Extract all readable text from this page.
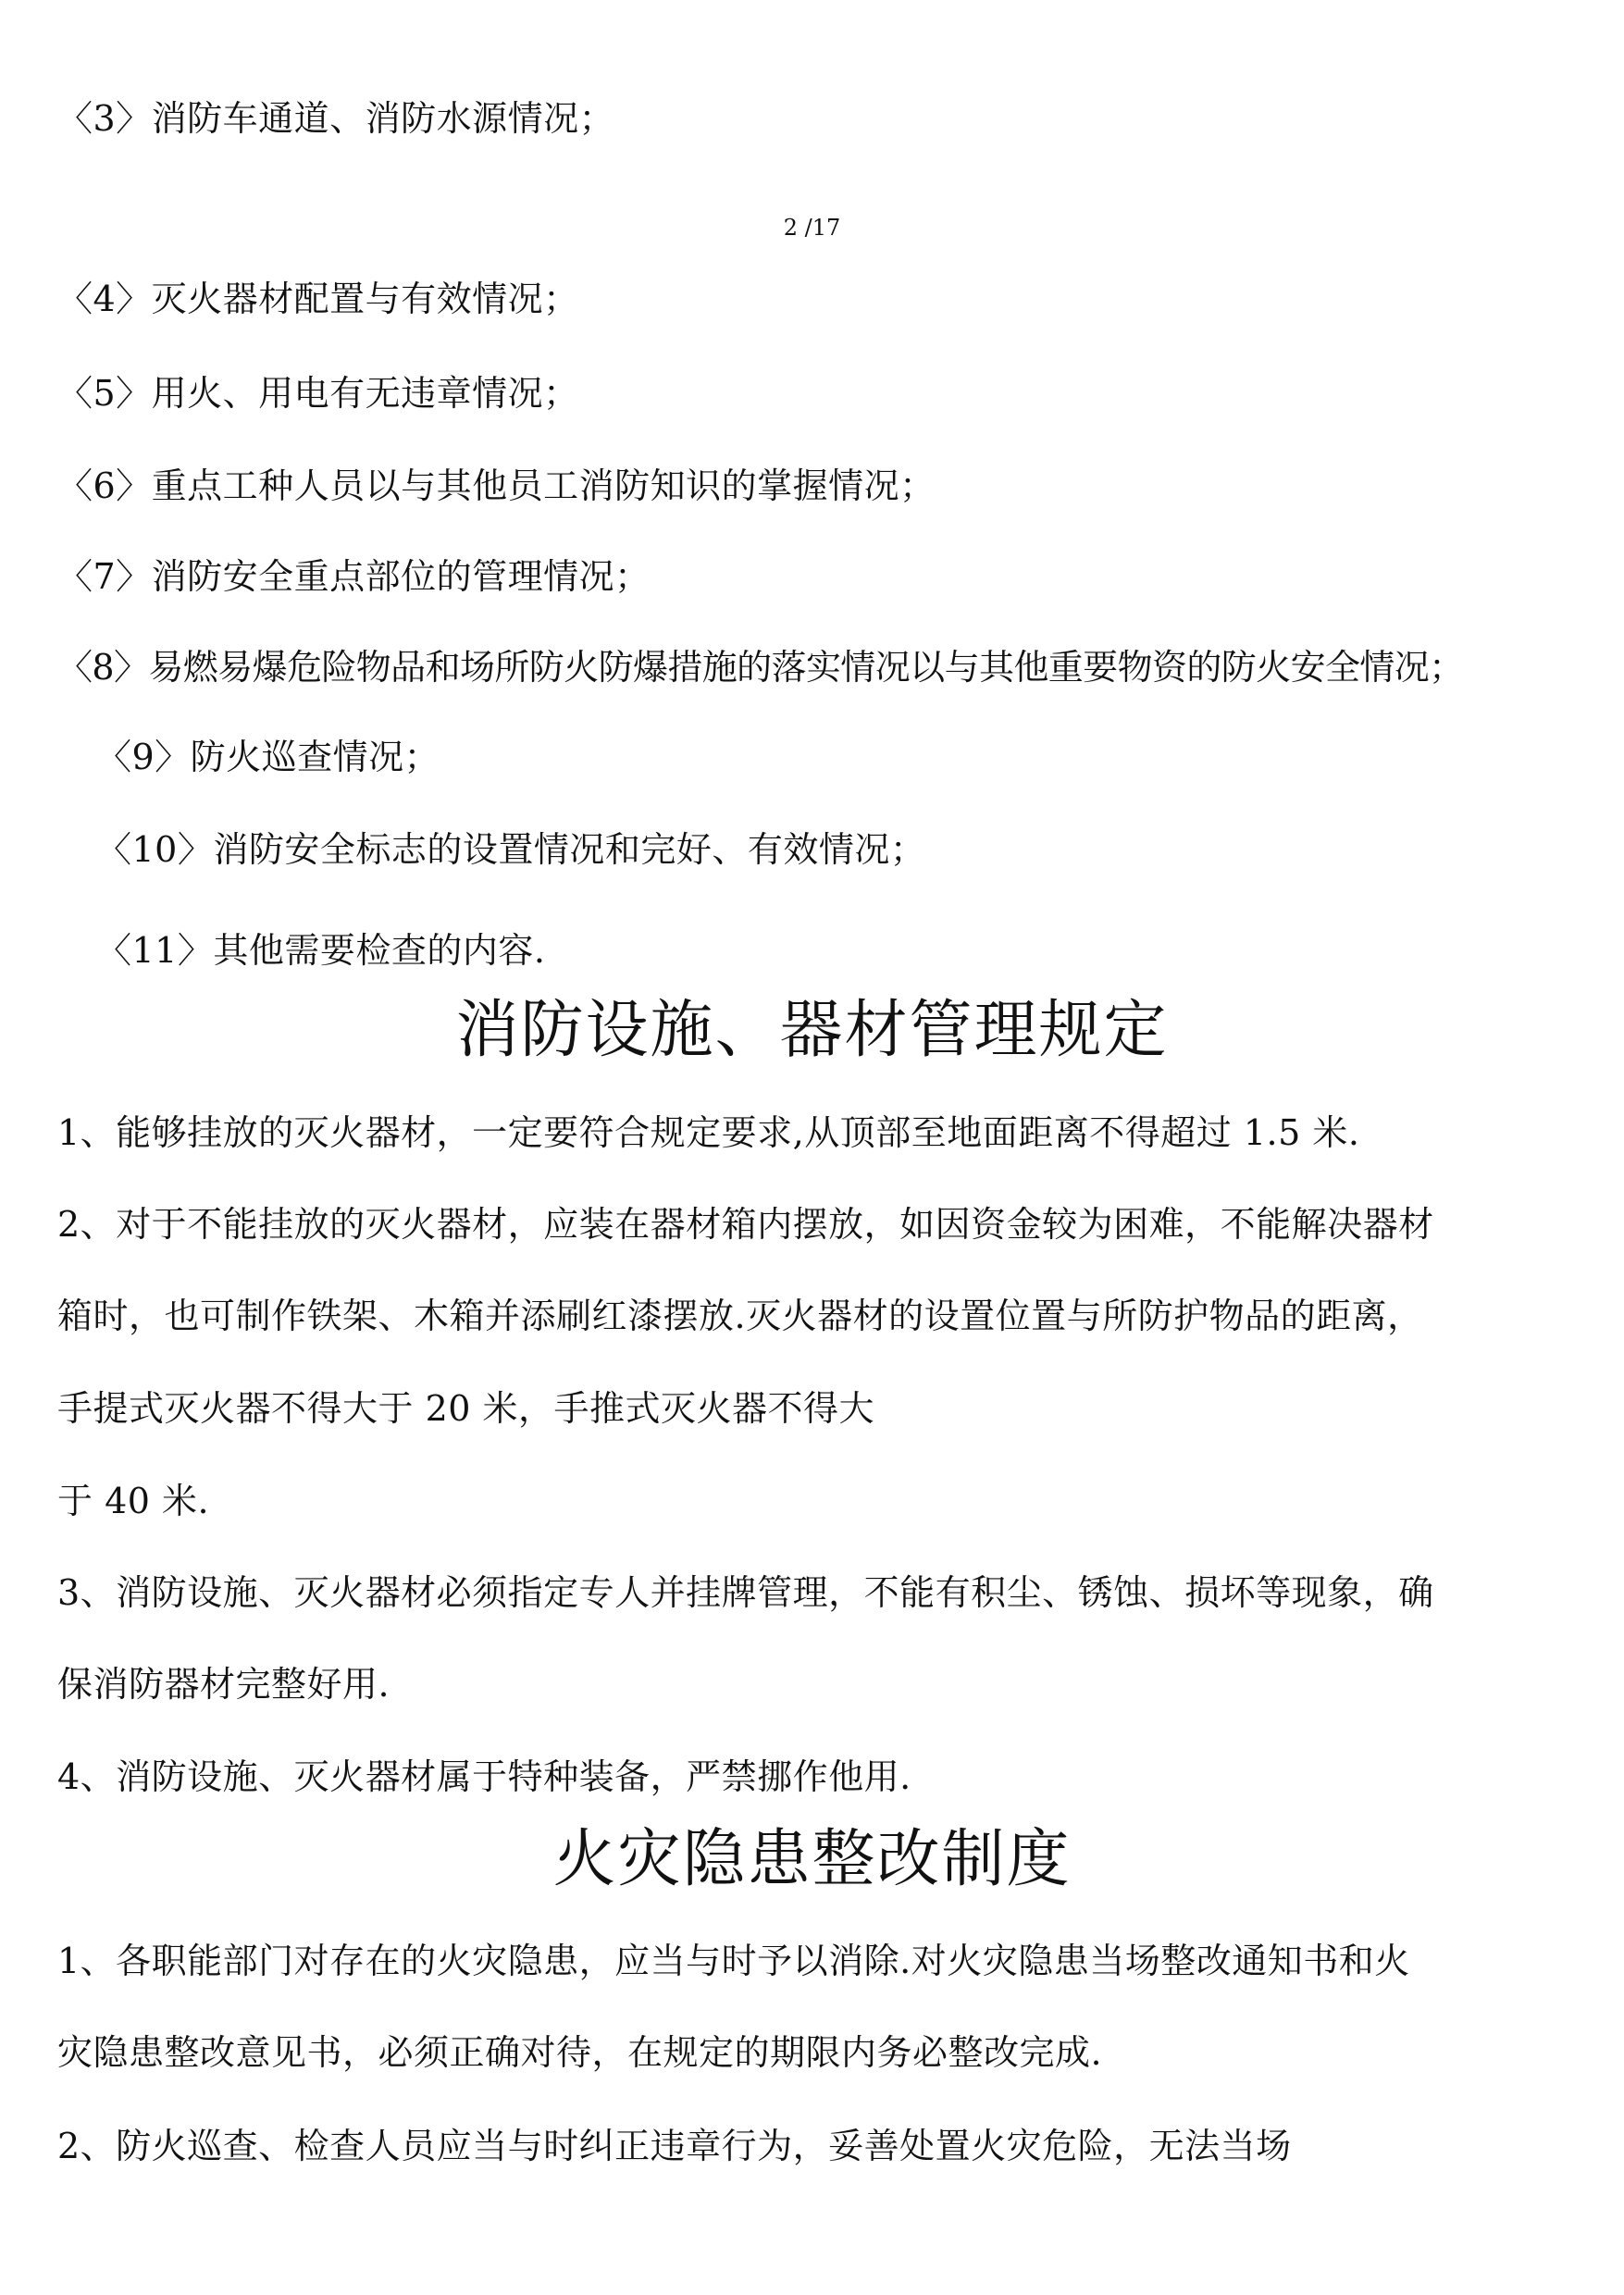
〈3〉消防车通道、消防水源情况；
2 /17
〈4〉灭火器材配置与有效情况；
〈5〉用火、用电有无违章情况；
〈6〉重点工种人员以与其他员工消防知识的掌握情况；
〈7〉消防安全重点部位的管理情况；
〈8〉易燃易爆危险物品和场所防火防爆措施的落实情况以与其他重要物资的防火安全情况；
〈9〉防火巡查情况；
〈10〉消防安全标志的设置情况和完好、有效情况；
〈11〉其他需要检查的内容.
消防设施、器材管理规定
1、能够挂放的灭火器材，一定要符合规定要求,从顶部至地面距离不得超过 1.5 米.
2、对于不能挂放的灭火器材，应装在器材箱内摆放，如因资金较为困难，不能解决器材
箱时，也可制作铁架、木箱并添刷红漆摆放.灭火器材的设置位置与所防护物品的距离，
手提式灭火器不得大于 20 米，手推式灭火器不得大
于 40 米.
3、消防设施、灭火器材必须指定专人并挂牌管理，不能有积尘、锈蚀、损坏等现象，确
保消防器材完整好用.
4、消防设施、灭火器材属于特种装备，严禁挪作他用.
火灾隐患整改制度
1、各职能部门对存在的火灾隐患，应当与时予以消除.对火灾隐患当场整改通知书和火
灾隐患整改意见书，必须正确对待，在规定的期限内务必整改完成.
2、防火巡查、检查人员应当与时纠正违章行为，妥善处置火灾危险，无法当场
